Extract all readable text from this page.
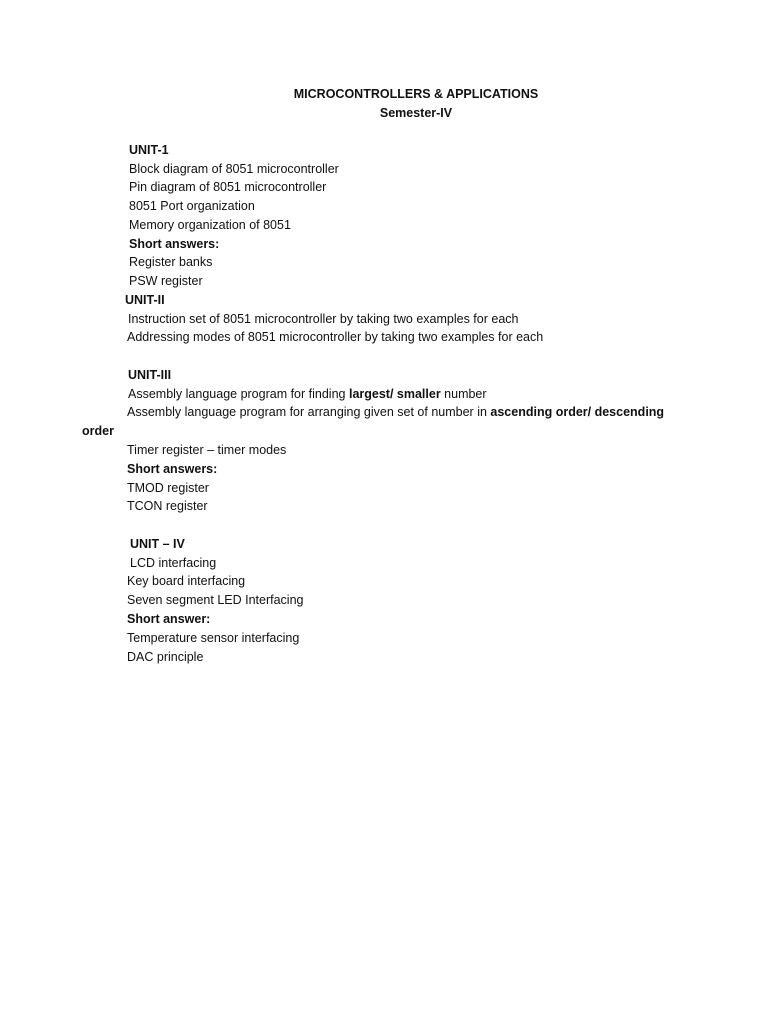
MICROCONTROLLERS & APPLICATIONS
Semester-IV
UNIT-1
Block diagram of 8051 microcontroller
Pin diagram of 8051 microcontroller
8051 Port organization
Memory organization of 8051
Short answers:
Register banks
PSW register
UNIT-II
Instruction set of 8051 microcontroller by taking two examples for each
Addressing modes of 8051 microcontroller by taking two examples for each
UNIT-III
Assembly language program for finding largest/ smaller number
Assembly language program for arranging given set of number in ascending order/ descending
order
Timer register – timer modes
Short answers:
TMOD register
TCON register
UNIT – IV
LCD interfacing
Key board interfacing
Seven segment LED Interfacing
Short answer:
Temperature sensor interfacing
DAC principle
